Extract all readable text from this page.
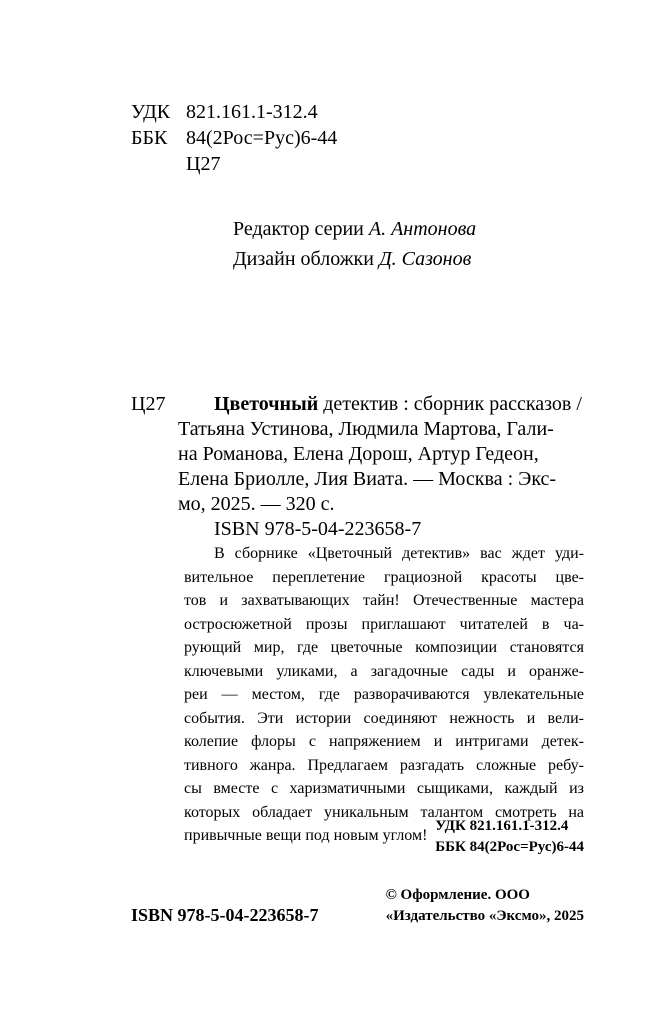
УДК 821.161.1-312.4
ББК 84(2Рос=Рус)6-44
Ц27
Редактор серии А. Антонова
Дизайн обложки Д. Сазонов
Ц27 Цветочный детектив : сборник рассказов /
Татьяна Устинова, Людмила Мартова, Гали-
на Романова, Елена Дорош, Артур Гедеон,
Елена Бриолле, Лия Виата. — Москва : Экс-
мо, 2025. — 320 с.
ISBN 978-5-04-223658-7
В сборнике «Цветочный детектив» вас ждет уди-
вительное переплетение грациозной красоты цве-
тов и захватывающих тайн! Отечественные мастера
остросюжетной прозы приглашают читателей в ча-
рующий мир, где цветочные композиции становятся
ключевыми уликами, а загадочные сады и оранже-
реи — местом, где разворачиваются увлекательные
события. Эти истории соединяют нежность и вели-
колепие флоры с напряжением и интригами детек-
тивного жанра. Предлагаем разгадать сложные ребу-
сы вместе с харизматичными сыщиками, каждый из
которых обладает уникальным талантом смотреть на
привычные вещи под новым углом!
УДК 821.161.1-312.4
ББК 84(2Рос=Рус)6-44
© Оформление. ООО
«Издательство «Эксмо», 2025
ISBN 978-5-04-223658-7
